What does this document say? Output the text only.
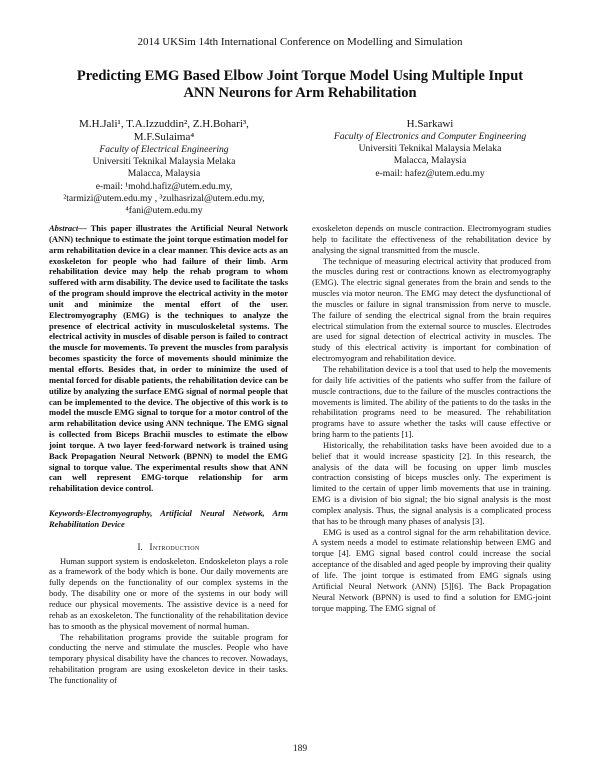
2014 UKSim 14th International Conference on Modelling and Simulation
Predicting EMG Based Elbow Joint Torque Model Using Multiple Input ANN Neurons for Arm Rehabilitation
M.H.Jali¹, T.A.Izzuddin², Z.H.Bohari³,
M.F.Sulaima⁴
Faculty of Electrical Engineering
Universiti Teknikal Malaysia Melaka
Malacca, Malaysia
e-mail: ¹mohd.hafiz@utem.edu.my,
²tarmizi@utem.edu.my , ³zulhasrizal@utem.edu.my,
⁴fani@utem.edu.my
H.Sarkawi
Faculty of Electronics and Computer Engineering
Universiti Teknikal Malaysia Melaka
Malacca, Malaysia
e-mail: hafez@utem.edu.my

Abstract— This paper illustrates the Artificial Neural Network (ANN) technique to estimate the joint torque estimation model for arm rehabilitation device in a clear manner. This device acts as an exoskeleton for people who had failure of their limb. Arm rehabilitation device may help the rehab program to whom suffered with arm disability. The device used to facilitate the tasks of the program should improve the electrical activity in the motor unit and minimize the mental effort of the user. Electromyography (EMG) is the techniques to analyze the presence of electrical activity in musculoskeletal systems. The electrical activity in muscles of disable person is failed to contract the muscle for movements. To prevent the muscles from paralysis becomes spasticity the force of movements should minimize the mental efforts. Besides that, in order to minimize the used of mental forced for disable patients, the rehabilitation device can be utilize by analyzing the surface EMG signal of normal people that can be implemented to the device. The objective of this work is to model the muscle EMG signal to torque for a motor control of the arm rehabilitation device using ANN technique. The EMG signal is collected from Biceps Brachii muscles to estimate the elbow joint torque. A two layer feed-forward network is trained using Back Propagation Neural Network (BPNN) to model the EMG signal to torque value. The experimental results show that ANN can well represent EMG-torque relationship for arm rehabilitation device control.

Keywords-Electromyography, Artificial Neural Network, Arm Rehabilitation Device

I. Introduction

Human support system is endoskeleton. Endoskeleton plays a role as a framework of the body which is bone. Our daily movements are fully depends on the functionality of our complex systems in the body. The disability one or more of the systems in our body will reduce our physical movements. The assistive device is a need for rehab as an exoskeleton. The functionality of the rehabilitation device has to smooth as the physical movement of normal human.

The rehabilitation programs provide the suitable program for conducting the nerve and stimulate the muscles. People who have temporary physical disability have the chances to recover. Nowadays, rehabilitation program are using exoskeleton device in their tasks. The functionality of

exoskeleton depends on muscle contraction. Electromyogram studies help to facilitate the effectiveness of the rehabilitation device by analysing the signal transmitted from the muscle.

The technique of measuring electrical activity that produced from the muscles during rest or contractions known as electromyography (EMG). The electric signal generates from the brain and sends to the muscles via motor neuron. The EMG may detect the dysfunctional of the muscles or failure in signal transmission from nerve to muscle. The failure of sending the electrical signal from the brain requires electrical stimulation from the external source to muscles. Electrodes are used for signal detection of electrical activity in muscles. The study of this electrical activity is important for combination of electromyogram and rehabilitation device.

The rehabilitation device is a tool that used to help the movements for daily life activities of the patients who suffer from the failure of muscle contractions, due to the failure of the muscles contractions the movements is limited. The ability of the patients to do the tasks in the rehabilitation programs need to be measured. The rehabilitation programs have to assure whether the tasks will cause effective or bring harm to the patients [1].

Historically, the rehabilitation tasks have been avoided due to a belief that it would increase spasticity [2]. In this research, the analysis of the data will be focusing on upper limb muscles contraction consisting of biceps muscles only. The experiment is limited to the certain of upper limb movements that use in training. EMG is a division of bio signal; the bio signal analysis is the most complex analysis. Thus, the signal analysis is a complicated process that has to be through many phases of analysis [3].

EMG is used as a control signal for the arm rehabilitation device. A system needs a model to estimate relationship between EMG and torque [4]. EMG signal based control could increase the social acceptance of the disabled and aged people by improving their quality of life. The joint torque is estimated from EMG signals using Artificial Neural Network (ANN) [5][6]. The Back Propagation Neural Network (BPNN) is used to find a solution for EMG-joint torque mapping. The EMG signal of

189
